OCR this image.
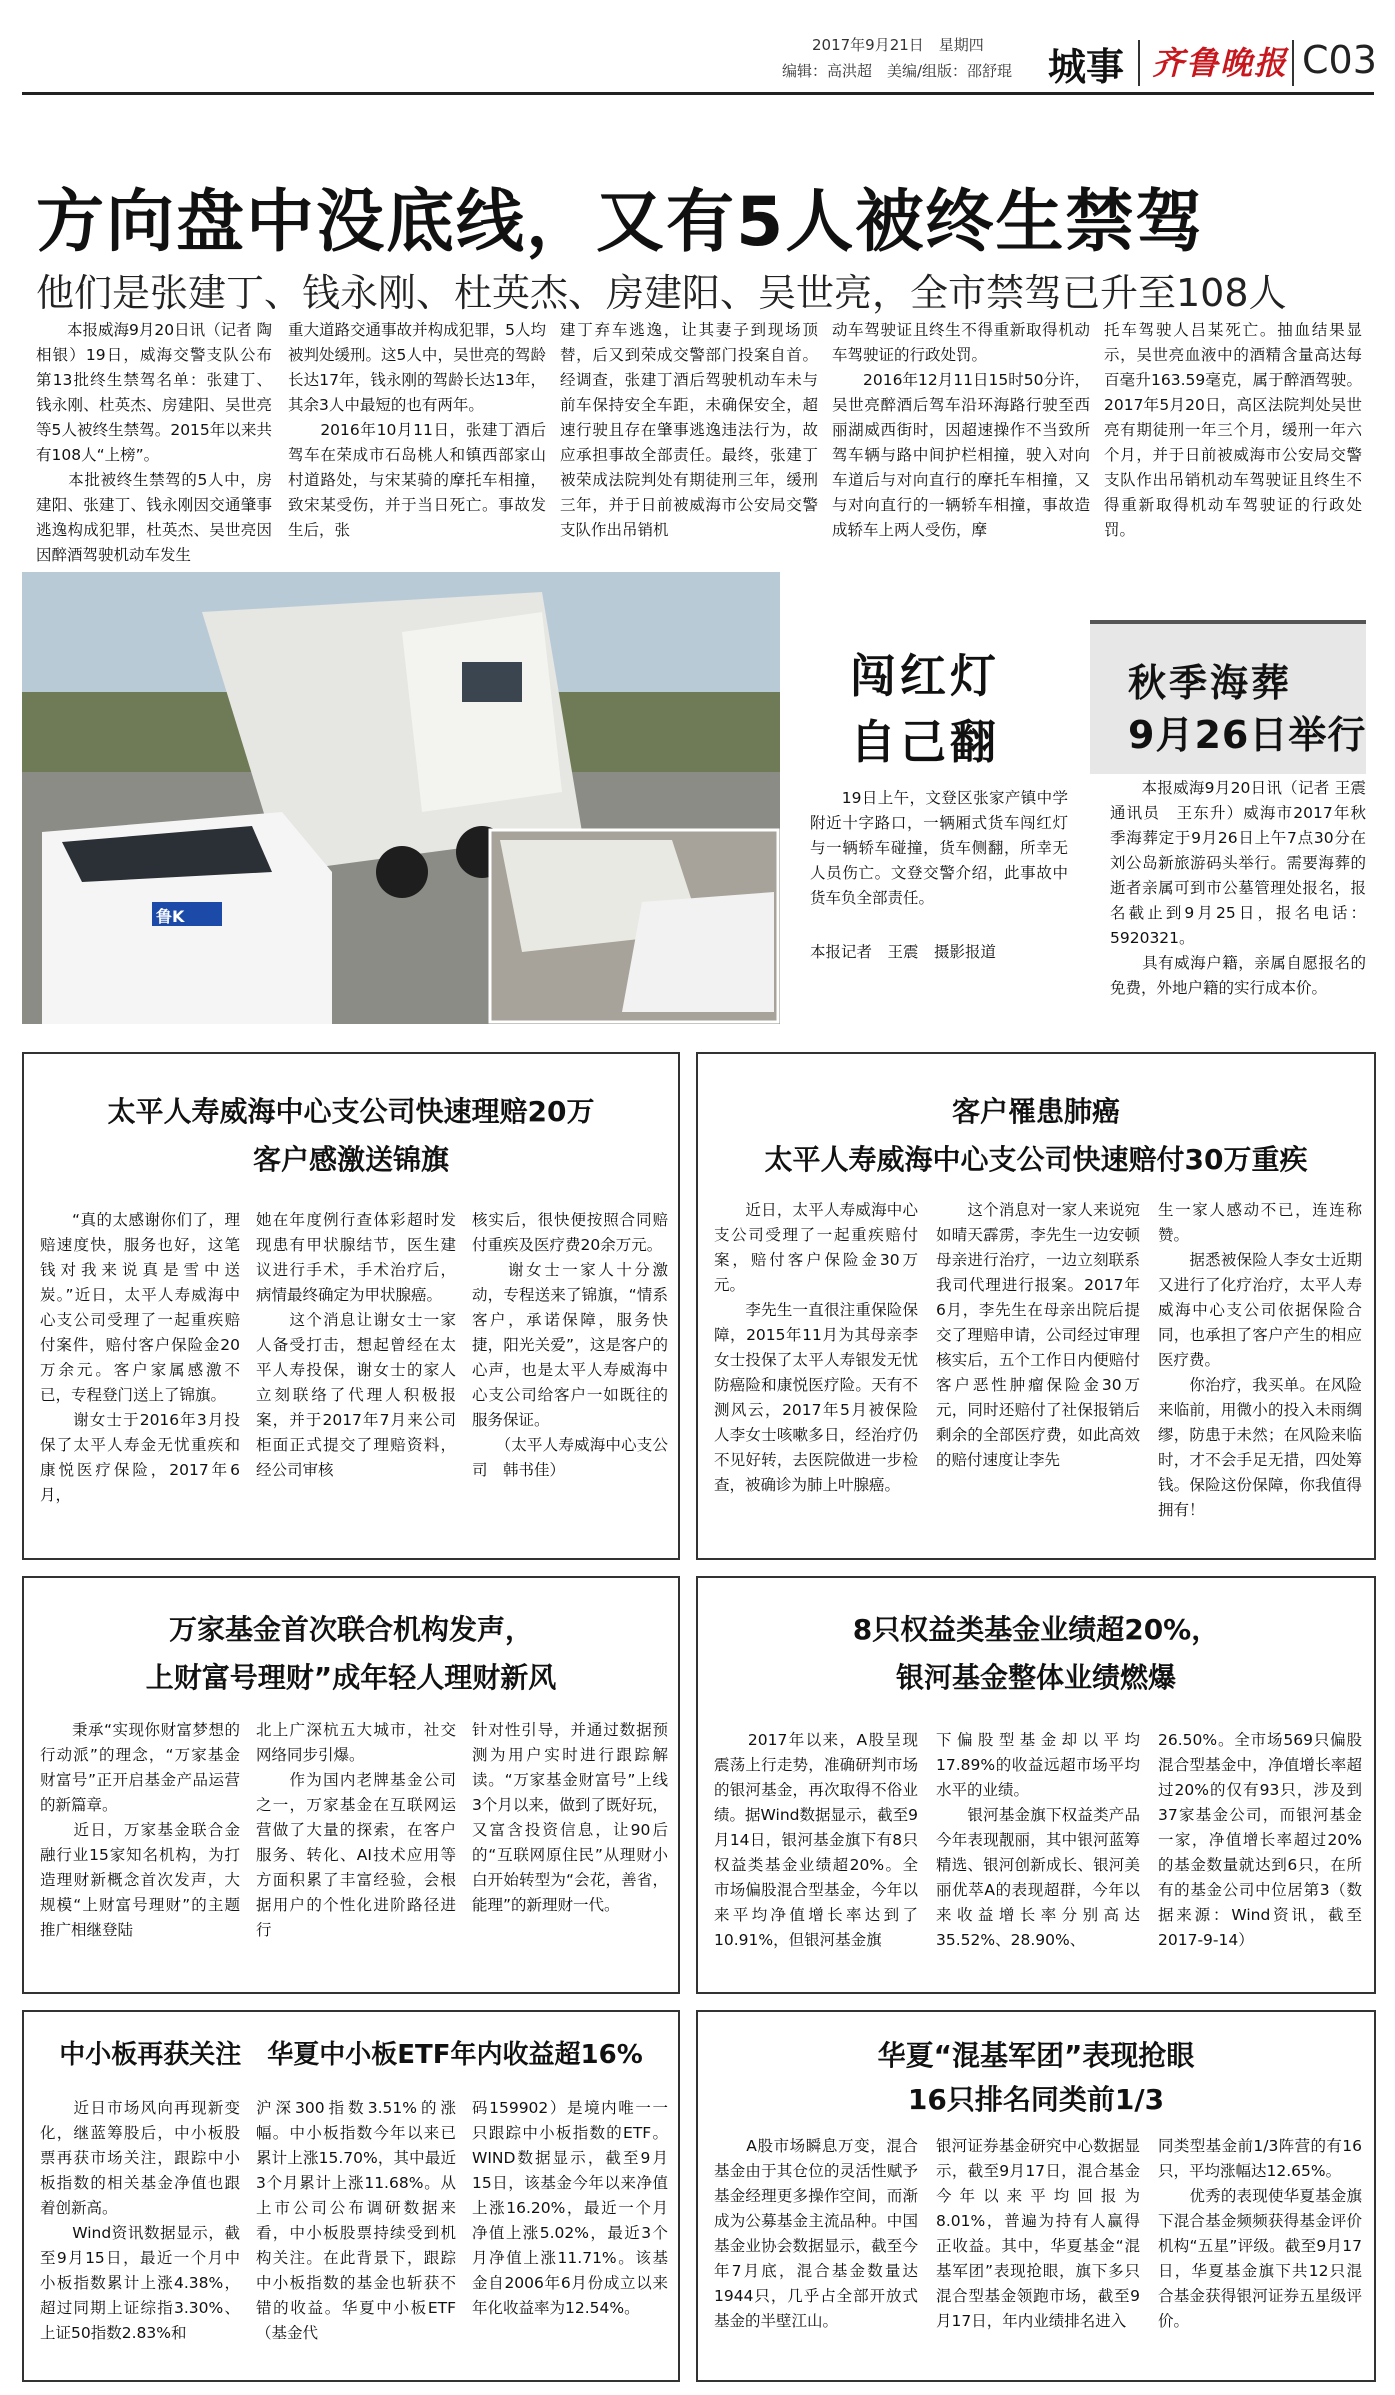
2017年9月21日　星期四
编辑：高洪超　美编/组版：邵舒琨 城事 齐鲁晚报 C03
方向盘中没底线，又有5人被终生禁驾
他们是张建丁、钱永刚、杜英杰、房建阳、吴世亮，全市禁驾已升至108人
　　本报威海9月20日讯（记者 陶相银）19日，威海交警支队公布第13批终生禁驾名单：张建丁、钱永刚、杜英杰、房建阳、吴世亮等5人被终生禁驾。2015年以来共有108人“上榜”。
　　本批被终生禁驾的5人中，房建阳、张建丁、钱永刚因交通肇事逃逸构成犯罪，杜英杰、吴世亮因因醉酒驾驶机动车发生
重大道路交通事故并构成犯罪，5人均被判处缓刑。这5人中，吴世亮的驾龄长达17年，钱永刚的驾龄长达13年，其余3人中最短的也有两年。
　　2016年10月11日，张建丁酒后驾车在荣成市石岛桃人和镇西部家山村道路处，与宋某骑的摩托车相撞，致宋某受伤，并于当日死亡。事故发生后，张
建丁弃车逃逸，让其妻子到现场顶替，后又到荣成交警部门投案自首。经调查，张建丁酒后驾驶机动车未与前车保持安全车距，未确保安全，超速行驶且存在肇事逃逸违法行为，故应承担事故全部责任。最终，张建丁被荣成法院判处有期徒刑三年，缓刑三年，并于日前被威海市公安局交警支队作出吊销机
动车驾驶证且终生不得重新取得机动车驾驶证的行政处罚。
　　2016年12月11日15时50分许，吴世亮醉酒后驾车沿环海路行驶至西丽湖威西街时，因超速操作不当致所驾车辆与路中间护栏相撞，驶入对向车道后与对向直行的摩托车相撞，又与对向直行的一辆轿车相撞，事故造成轿车上两人受伤，摩
托车驾驶人吕某死亡。抽血结果显示，吴世亮血液中的酒精含量高达每百毫升163.59毫克，属于醉酒驾驶。2017年5月20日，高区法院判处吴世亮有期徒刑一年三个月，缓刑一年六个月，并于日前被威海市公安局交警支队作出吊销机动车驾驶证且终生不得重新取得机动车驾驶证的行政处罚。
鲁K
闯红灯
自己翻
　　19日上午，文登区张家产镇中学附近十字路口，一辆厢式货车闯红灯与一辆轿车碰撞，货车侧翻，所幸无人员伤亡。文登交警介绍，此事故中货车负全部责任。
本报记者　王震　摄影报道
秋季海葬
9月26日举行
　　本报威海9月20日讯（记者 王震　通讯员　王东升）威海市2017年秋季海葬定于9月26日上午7点30分在刘公岛新旅游码头举行。需要海葬的逝者亲属可到市公墓管理处报名，报名截止到9月25日，报名电话：5920321。
　　具有威海户籍，亲属自愿报名的免费，外地户籍的实行成本价。
太平人寿威海中心支公司快速理赔20万
客户感激送锦旗
　　“真的太感谢你们了，理赔速度快，服务也好，这笔钱对我来说真是雪中送炭。”近日，太平人寿威海中心支公司受理了一起重疾赔付案件，赔付客户保险金20万余元。客户家属感激不已，专程登门送上了锦旗。
　　谢女士于2016年3月投保了太平人寿金无忧重疾和康悦医疗保险，2017年6月，
她在年度例行查体彩超时发现患有甲状腺结节，医生建议进行手术，手术治疗后，病情最终确定为甲状腺癌。
　　这个消息让谢女士一家人备受打击，想起曾经在太平人寿投保，谢女士的家人立刻联络了代理人积极报案，并于2017年7月来公司柜面正式提交了理赔资料，经公司审核
核实后，很快便按照合同赔付重疾及医疗费20余万元。
　　谢女士一家人十分激动，专程送来了锦旗，“情系客户，承诺保障，服务快捷，阳光关爱”，这是客户的心声，也是太平人寿威海中心支公司给客户一如既往的服务保证。
　　（太平人寿威海中心支公司　韩书佳）
客户罹患肺癌
太平人寿威海中心支公司快速赔付30万重疾
　　近日，太平人寿威海中心支公司受理了一起重疾赔付案，赔付客户保险金30万元。
　　李先生一直很注重保险保障，2015年11月为其母亲李女士投保了太平人寿银发无忧防癌险和康悦医疗险。天有不测风云，2017年5月被保险人李女士咳嗽多日，经治疗仍不见好转，去医院做进一步检查，被确诊为肺上叶腺癌。
　　这个消息对一家人来说宛如晴天霹雳，李先生一边安顿母亲进行治疗，一边立刻联系我司代理进行报案。2017年6月，李先生在母亲出院后提交了理赔申请，公司经过审理核实后，五个工作日内便赔付客户恶性肿瘤保险金30万元，同时还赔付了社保报销后剩余的全部医疗费，如此高效的赔付速度让李先
生一家人感动不已，连连称赞。
　　据悉被保险人李女士近期又进行了化疗治疗，太平人寿威海中心支公司依据保险合同，也承担了客户产生的相应医疗费。
　　你治疗，我买单。在风险来临前，用微小的投入未雨绸缪，防患于未然；在风险来临时，才不会手足无措，四处筹钱。保险这份保障，你我值得拥有！
万家基金首次联合机构发声，
上财富号理财”成年轻人理财新风
　　秉承“实现你财富梦想的行动派”的理念，“万家基金财富号”正开启基金产品运营的新篇章。
　　近日，万家基金联合金融行业15家知名机构，为打造理财新概念首次发声，大规模“上财富号理财”的主题推广相继登陆
北上广深杭五大城市，社交网络同步引爆。
　　作为国内老牌基金公司之一，万家基金在互联网运营做了大量的探索，在客户服务、转化、AI技术应用等方面积累了丰富经验，会根据用户的个性化进阶路径进行
针对性引导，并通过数据预测为用户实时进行跟踪解读。“万家基金财富号”上线3个月以来，做到了既好玩，又富含投资信息，让90后的“互联网原住民”从理财小白开始转型为“会花，善省，能理”的新理财一代。
8只权益类基金业绩超20%，
银河基金整体业绩燃爆
　　2017年以来，A股呈现震荡上行走势，准确研判市场的银河基金，再次取得不俗业绩。据Wind数据显示，截至9月14日，银河基金旗下有8只权益类基金业绩超20%。全市场偏股混合型基金，今年以来平均净值增长率达到了10.91%，但银河基金旗
下偏股型基金却以平均17.89%的收益远超市场平均水平的业绩。
　　银河基金旗下权益类产品今年表现靓丽，其中银河蓝筹精选、银河创新成长、银河美丽优萃A的表现超群，今年以来收益增长率分别高达35.52%、28.90%、
26.50%。全市场569只偏股混合型基金中，净值增长率超过20%的仅有93只，涉及到37家基金公司，而银河基金一家，净值增长率超过20%的基金数量就达到6只，在所有的基金公司中位居第3（数据来源：Wind资讯，截至2017-9-14）
中小板再获关注　华夏中小板ETF年内收益超16%
　　近日市场风向再现新变化，继蓝筹股后，中小板股票再获市场关注，跟踪中小板指数的相关基金净值也跟着创新高。
　　Wind资讯数据显示，截至9月15日，最近一个月中小板指数累计上涨4.38%，超过同期上证综指3.30%、上证50指数2.83%和
沪深300指数3.51%的涨幅。中小板指数今年以来已累计上涨15.70%，其中最近3个月累计上涨11.68%。从上市公司公布调研数据来看，中小板股票持续受到机构关注。在此背景下，跟踪中小板指数的基金也斩获不错的收益。华夏中小板ETF（基金代
码159902）是境内唯一一只跟踪中小板指数的ETF。WIND数据显示，截至9月15日，该基金今年以来净值上涨16.20%，最近一个月净值上涨5.02%，最近3个月净值上涨11.71%。该基金自2006年6月份成立以来年化收益率为12.54%。
华夏“混基军团”表现抢眼
16只排名同类前1/3
　　A股市场瞬息万变，混合基金由于其仓位的灵活性赋予基金经理更多操作空间，而渐成为公募基金主流品种。中国基金业协会数据显示，截至今年7月底，混合基金数量达1944只，几乎占全部开放式基金的半壁江山。
银河证券基金研究中心数据显示，截至9月17日，混合基金今年以来平均回报为8.01%，普遍为持有人赢得正收益。其中，华夏基金“混基军团”表现抢眼，旗下多只混合型基金领跑市场，截至9月17日，年内业绩排名进入
同类型基金前1/3阵营的有16只，平均涨幅达12.65%。
　　优秀的表现使华夏基金旗下混合基金频频获得基金评价机构“五星”评级。截至9月17日，华夏基金旗下共12只混合基金获得银河证券五星级评价。
